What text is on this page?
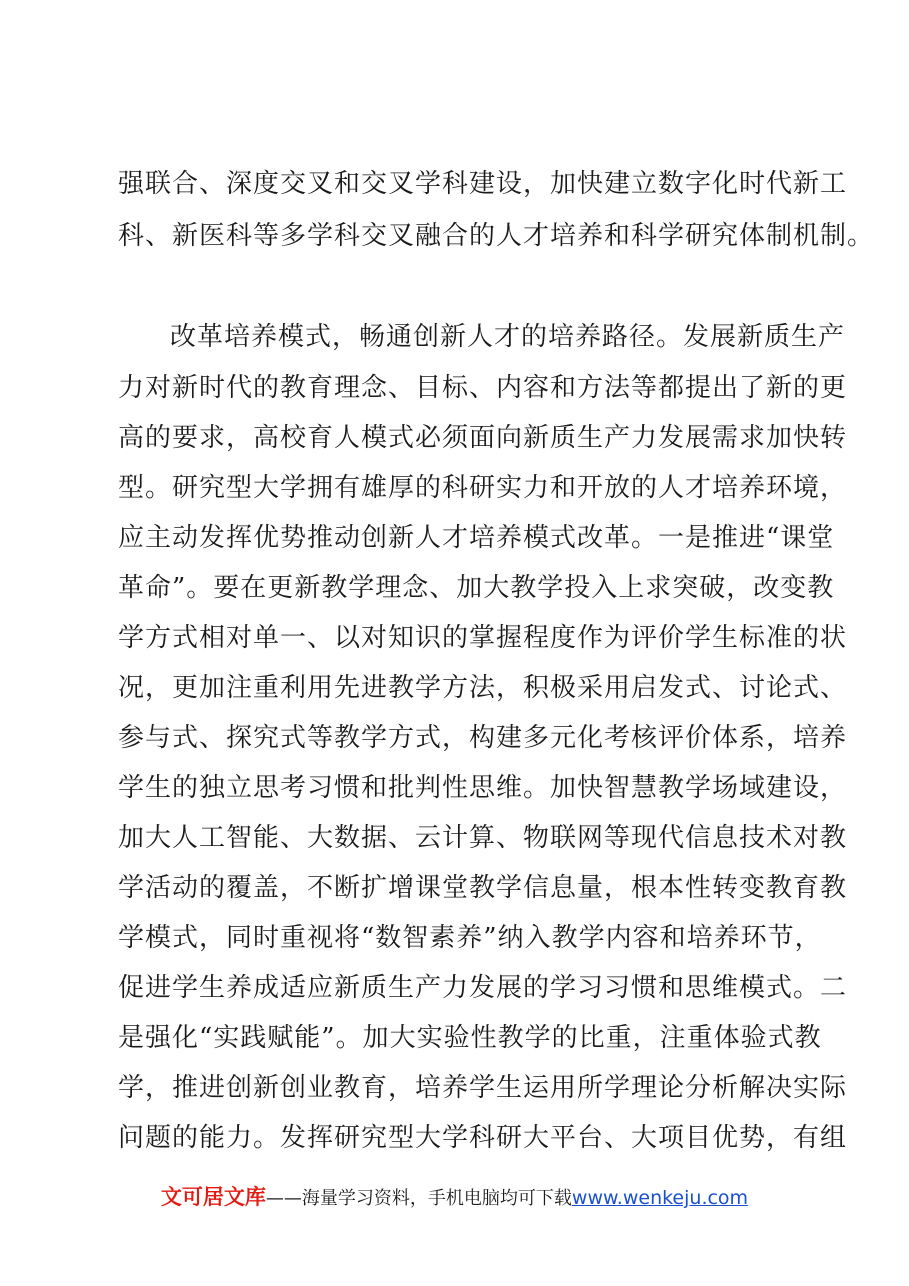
强联合、深度交叉和交叉学科建设，加快建立数字化时代新工
科、新医科等多学科交叉融合的人才培养和科学研究体制机制。
改革培养模式，畅通创新人才的培养路径。发展新质生产
力对新时代的教育理念、目标、内容和方法等都提出了新的更
高的要求，高校育人模式必须面向新质生产力发展需求加快转
型。研究型大学拥有雄厚的科研实力和开放的人才培养环境，
应主动发挥优势推动创新人才培养模式改革。一是推进“课堂
革命”。要在更新教学理念、加大教学投入上求突破，改变教
学方式相对单一、以对知识的掌握程度作为评价学生标准的状
况，更加注重利用先进教学方法，积极采用启发式、讨论式、
参与式、探究式等教学方式，构建多元化考核评价体系，培养
学生的独立思考习惯和批判性思维。加快智慧教学场域建设，
加大人工智能、大数据、云计算、物联网等现代信息技术对教
学活动的覆盖，不断扩增课堂教学信息量，根本性转变教育教
学模式，同时重视将“数智素养”纳入教学内容和培养环节，
促进学生养成适应新质生产力发展的学习习惯和思维模式。二
是强化“实践赋能”。加大实验性教学的比重，注重体验式教
学，推进创新创业教育，培养学生运用所学理论分析解决实际
问题的能力。发挥研究型大学科研大平台、大项目优势，有组
文可居文库——海量学习资料，手机电脑均可下载www.wenkeju.com
